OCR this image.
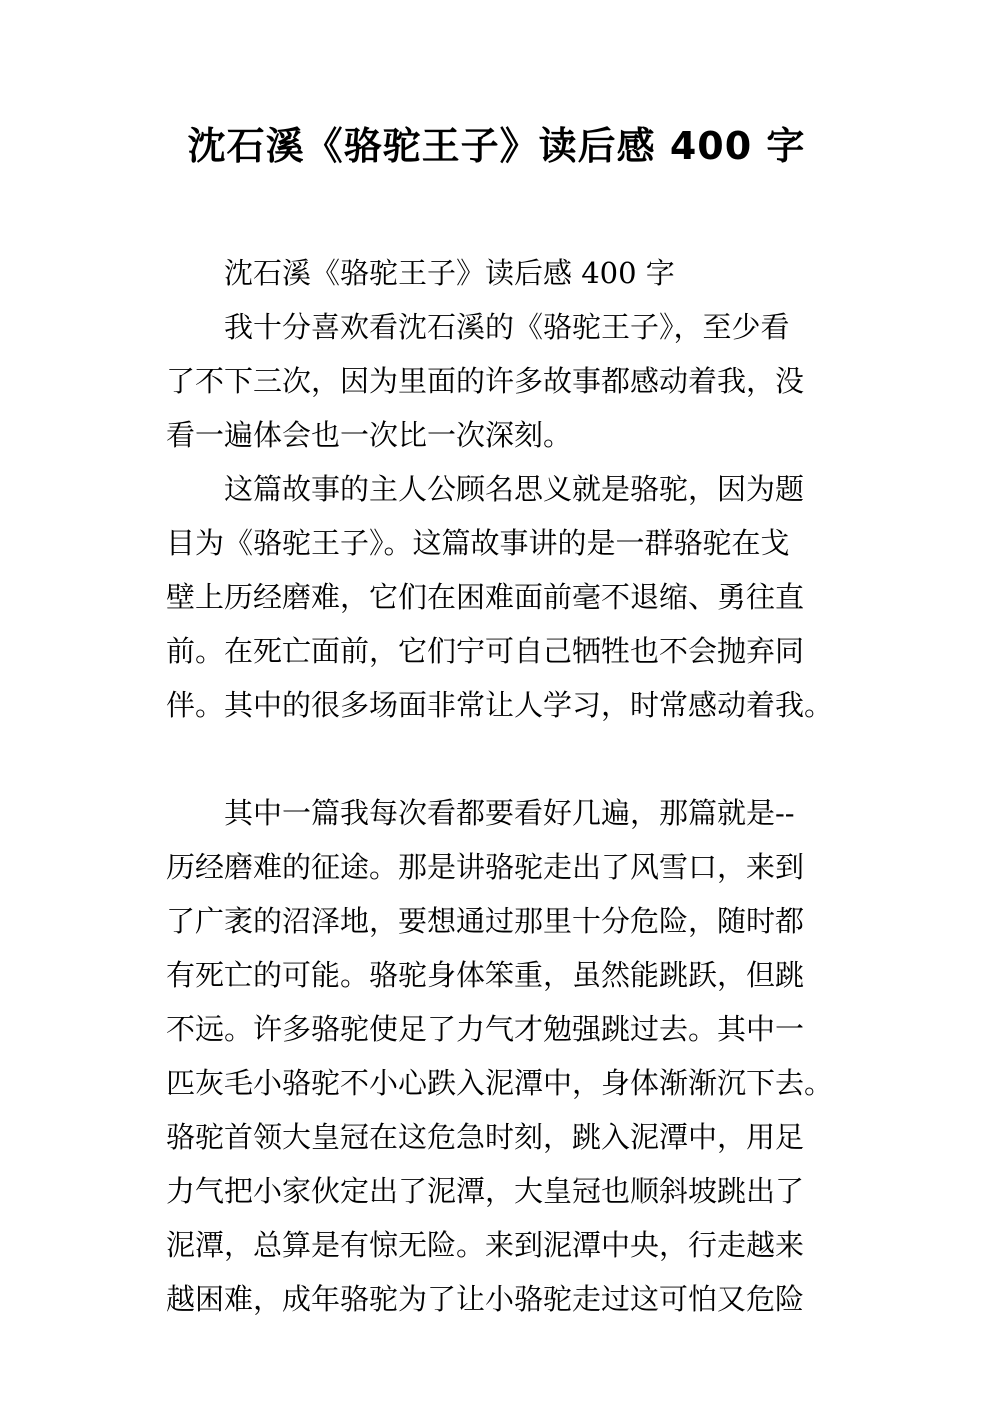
沈石溪《骆驼王子》读后感 400 字
沈石溪《骆驼王子》读后感 400 字
我十分喜欢看沈石溪的《骆驼王子》，至少看
了不下三次，因为里面的许多故事都感动着我，没
看一遍体会也一次比一次深刻。
这篇故事的主人公顾名思义就是骆驼，因为题
目为《骆驼王子》。这篇故事讲的是一群骆驼在戈
壁上历经磨难，它们在困难面前毫不退缩、勇往直
前。在死亡面前，它们宁可自己牺牲也不会抛弃同
伴。其中的很多场面非常让人学习，时常感动着我。
其中一篇我每次看都要看好几遍，那篇就是--
历经磨难的征途。那是讲骆驼走出了风雪口，来到
了广袤的沼泽地，要想通过那里十分危险，随时都
有死亡的可能。骆驼身体笨重，虽然能跳跃，但跳
不远。许多骆驼使足了力气才勉强跳过去。其中一
匹灰毛小骆驼不小心跌入泥潭中，身体渐渐沉下去。
骆驼首领大皇冠在这危急时刻，跳入泥潭中，用足
力气把小家伙定出了泥潭，大皇冠也顺斜坡跳出了
泥潭，总算是有惊无险。来到泥潭中央，行走越来
越困难，成年骆驼为了让小骆驼走过这可怕又危险
